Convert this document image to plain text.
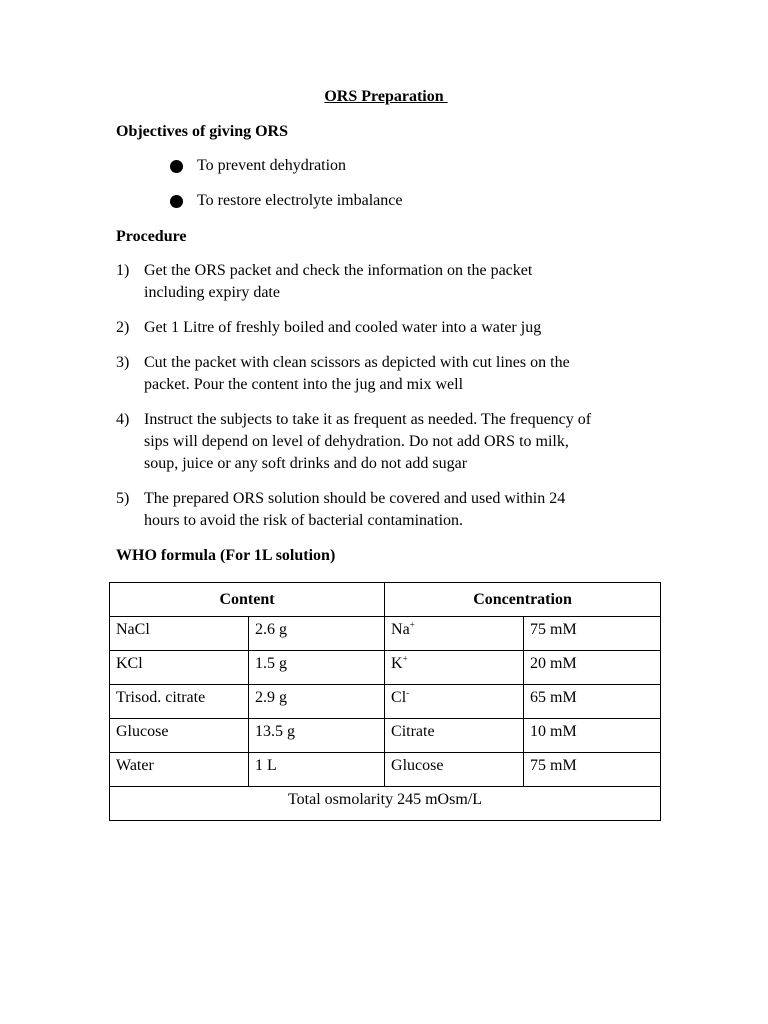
ORS Preparation
Objectives of giving ORS
To prevent dehydration
To restore electrolyte imbalance
Procedure
1) Get the ORS packet and check the information on the packet
including expiry date
2) Get 1 Litre of freshly boiled and cooled water into a water jug
3) Cut the packet with clean scissors as depicted with cut lines on the
packet. Pour the content into the jug and mix well
4) Instruct the subjects to take it as frequent as needed. The frequency of
sips will depend on level of dehydration. Do not add ORS to milk,
soup, juice or any soft drinks and do not add sugar
5) The prepared ORS solution should be covered and used within 24
hours to avoid the risk of bacterial contamination.
WHO formula (For 1L solution)
Content		Concentration	
NaCl	2.6 g	Na+	75 mM
KCl	1.5 g	K+	20 mM
Trisod. citrate	2.9 g	Cl-	65 mM
Glucose	13.5 g	Citrate	10 mM
Water	1 L	Glucose	75 mM
Total osmolarity 245 mOsm/L			
